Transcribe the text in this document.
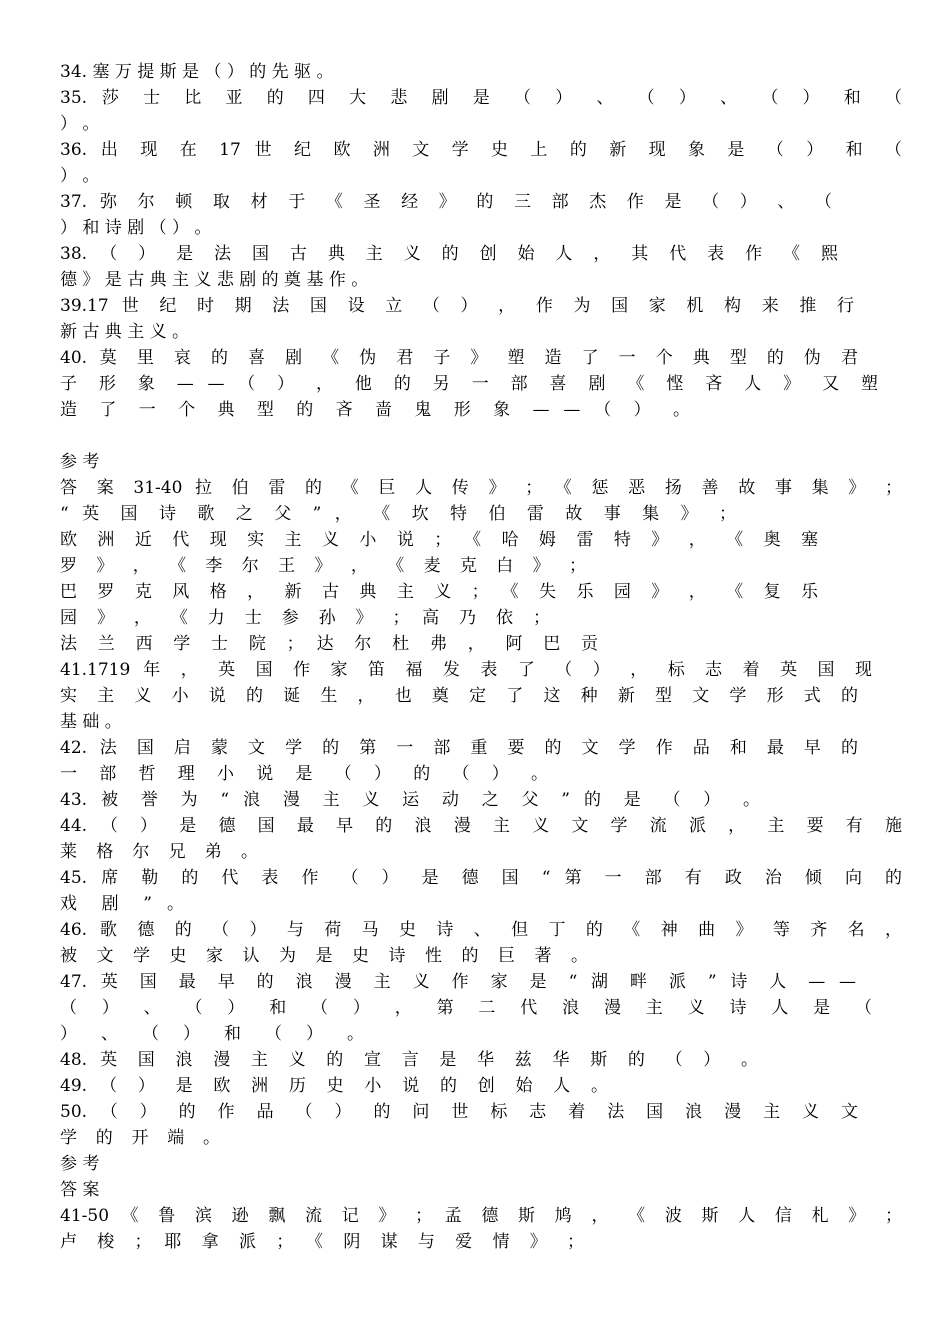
34. 塞 万 提 斯 是 （ ） 的 先 驱 。
35. 莎 士 比 亚 的 四 大 悲 剧 是 （ ） 、 （ ） 、 （ ） 和 （
） 。
36. 出 现 在 17 世 纪 欧 洲 文 学 史 上 的 新 现 象 是 （ ） 和 （
） 。
37. 弥 尔 顿 取 材 于 《 圣 经 》 的 三 部 杰 作 是 （ ） 、 （
） 和 诗 剧 （ ） 。
38. （ ） 是 法 国 古 典 主 义 的 创 始 人 ， 其 代 表 作 《 熙
德 》 是 古 典 主 义 悲 剧 的 奠 基 作 。
39.17 世 纪 时 期 法 国 设 立 （ ） ， 作 为 国 家 机 构 来 推 行
新 古 典 主 义 。
40. 莫 里 哀 的 喜 剧 《 伪 君 子 》 塑 造 了 一 个 典 型 的 伪 君
子 形 象 — — （ ） ， 他 的 另 一 部 喜 剧 《 悭 吝 人 》 又 塑
造 了 一 个 典 型 的 吝 啬 鬼 形 象 — — （ ） 。
参 考
答 案 31-40 拉 伯 雷 的 《 巨 人 传 》 ； 《 惩 恶 扬 善 故 事 集 》 ；
“ 英 国 诗 歌 之 父 ” ， 《 坎 特 伯 雷 故 事 集 》 ；
欧 洲 近 代 现 实 主 义 小 说 ； 《 哈 姆 雷 特 》 ， 《 奥 塞
罗 》 ， 《 李 尔 王 》 ， 《 麦 克 白 》 ；
巴 罗 克 风 格 ， 新 古 典 主 义 ； 《 失 乐 园 》 ， 《 复 乐
园 》 ， 《 力 士 参 孙 》 ； 高 乃 依 ；
法 兰 西 学 士 院 ； 达 尔 杜 弗 ， 阿 巴 贡
41.1719 年 ， 英 国 作 家 笛 福 发 表 了 （ ） ， 标 志 着 英 国 现
实 主 义 小 说 的 诞 生 ， 也 奠 定 了 这 种 新 型 文 学 形 式 的
基 础 。
42. 法 国 启 蒙 文 学 的 第 一 部 重 要 的 文 学 作 品 和 最 早 的
一 部 哲 理 小 说 是 （ ） 的 （ ） 。
43. 被 誉 为 “ 浪 漫 主 义 运 动 之 父 ” 的 是 （ ） 。
44. （ ） 是 德 国 最 早 的 浪 漫 主 义 文 学 流 派 ， 主 要 有 施
莱 格 尔 兄 弟 。
45. 席 勒 的 代 表 作 （ ） 是 德 国 “ 第 一 部 有 政 治 倾 向 的
戏 剧 ” 。
46. 歌 德 的 （ ） 与 荷 马 史 诗 、 但 丁 的 《 神 曲 》 等 齐 名 ，
被 文 学 史 家 认 为 是 史 诗 性 的 巨 著 。
47. 英 国 最 早 的 浪 漫 主 义 作 家 是 “ 湖 畔 派 ” 诗 人 — —
（ ） 、 （ ） 和 （ ） ， 第 二 代 浪 漫 主 义 诗 人 是 （
） 、 （ ） 和 （ ） 。
48. 英 国 浪 漫 主 义 的 宣 言 是 华 兹 华 斯 的 （ ） 。
49. （ ） 是 欧 洲 历 史 小 说 的 创 始 人 。
50. （ ） 的 作 品 （ ） 的 问 世 标 志 着 法 国 浪 漫 主 义 文
学 的 开 端 。
参 考
答 案
41-50 《 鲁 滨 逊 飘 流 记 》 ； 孟 德 斯 鸠 ， 《 波 斯 人 信 札 》 ；
卢 梭 ； 耶 拿 派 ； 《 阴 谋 与 爱 情 》 ；
